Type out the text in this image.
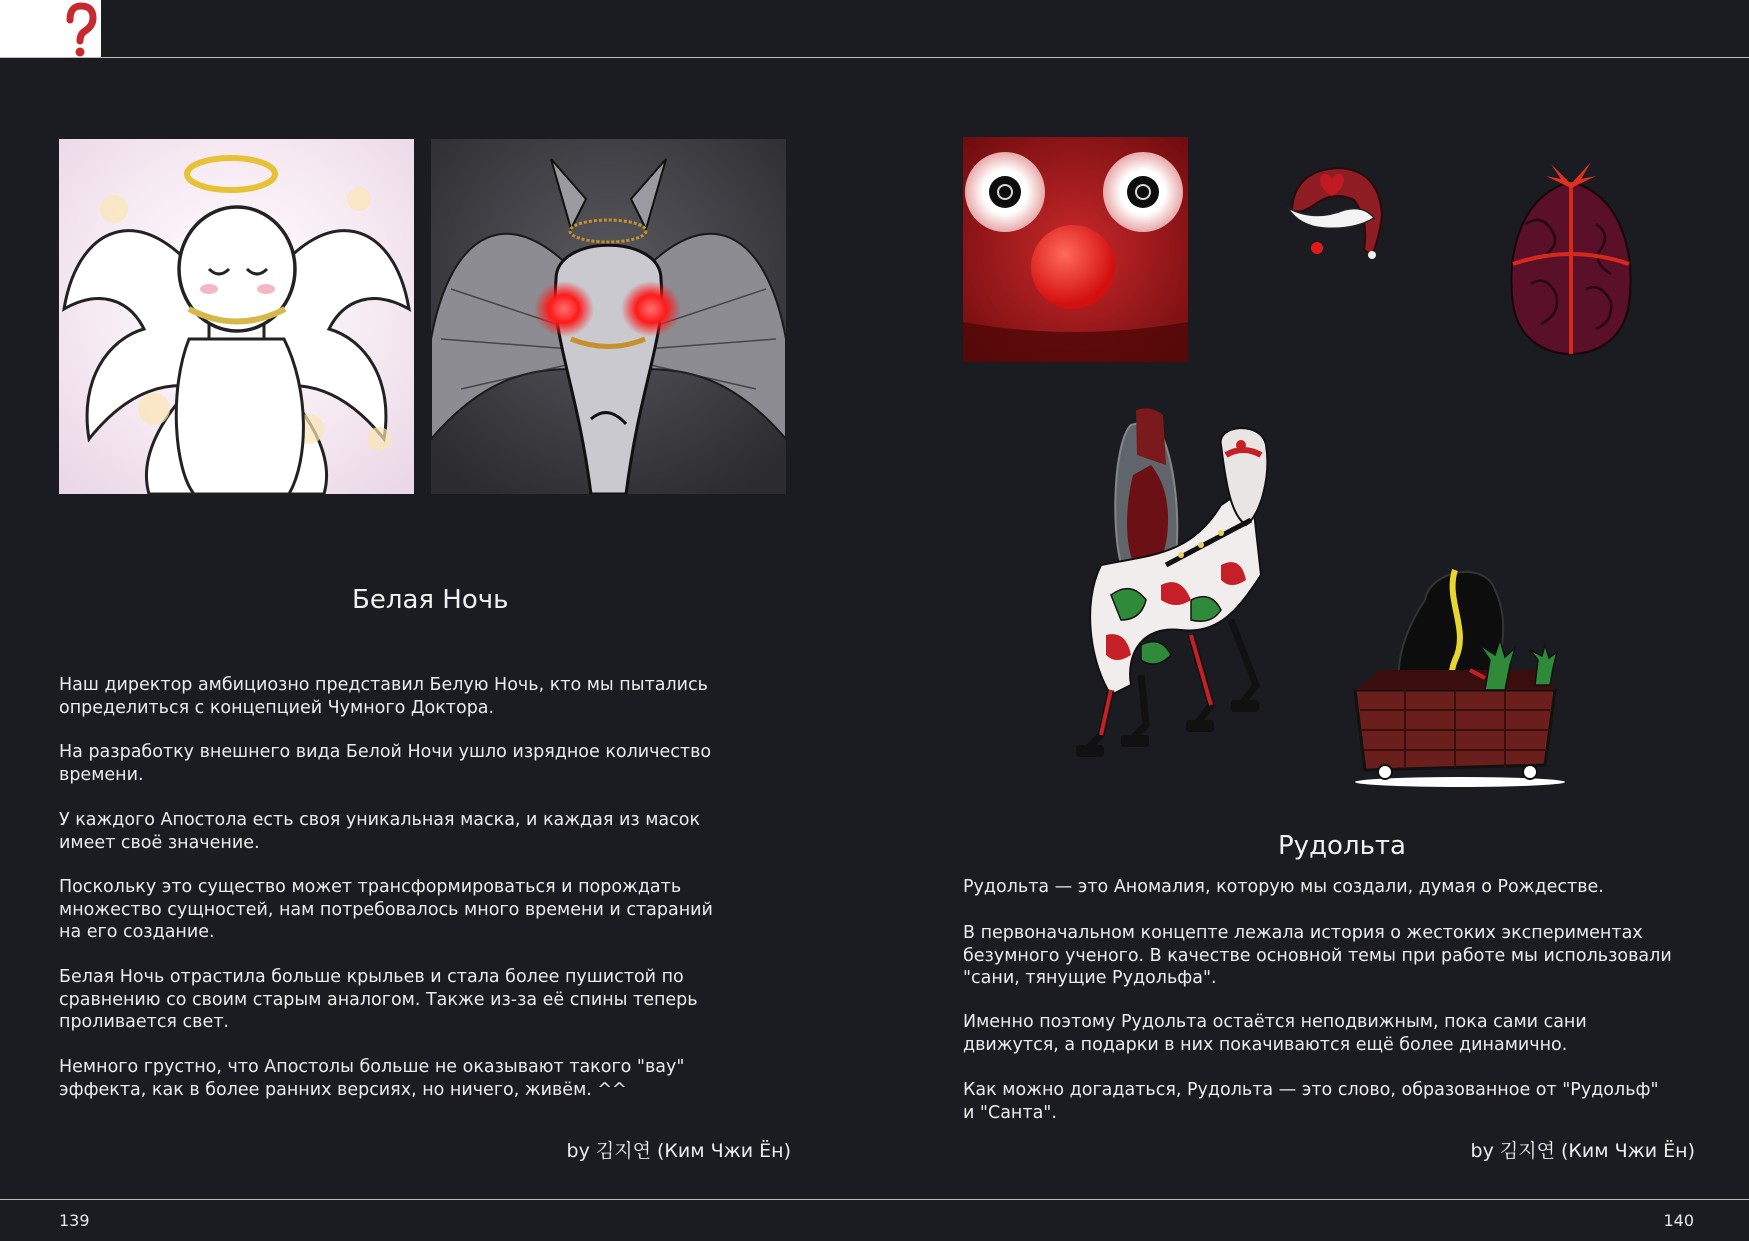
Белая Ночь

Наш директор амбициозно представил Белую Ночь, кто мы пытались
определиться с концепцией Чумного Доктора.

На разработку внешнего вида Белой Ночи ушло изрядное количество
времени.

У каждого Апостола есть своя уникальная маска, и каждая из масок
имеет своё значение.

Поскольку это существо может трансформироваться и порождать
множество сущностей, нам потребовалось много времени и стараний
на его создание.

Белая Ночь отрастила больше крыльев и стала более пушистой по
сравнению со своим старым аналогом. Также из-за её спины теперь
проливается свет.

Немного грустно, что Апостолы больше не оказывают такого "вау"
эффекта, как в более ранних версиях, но ничего, живём. ^^

by 김지연 (Ким Чжи Ён)
Рудольта

Рудольта — это Аномалия, которую мы создали, думая о Рождестве.

В первоначальном концепте лежала история о жестоких экспериментах
безумного ученого. В качестве основной темы при работе мы использовали
"сани, тянущие Рудольфа".

Именно поэтому Рудольта остаётся неподвижным, пока сами сани
движутся, а подарки в них покачиваются ещё более динамично.

Как можно догадаться, Рудольта — это слово, образованное от "Рудольф"
и "Санта".

by 김지연 (Ким Чжи Ён)
139	140
